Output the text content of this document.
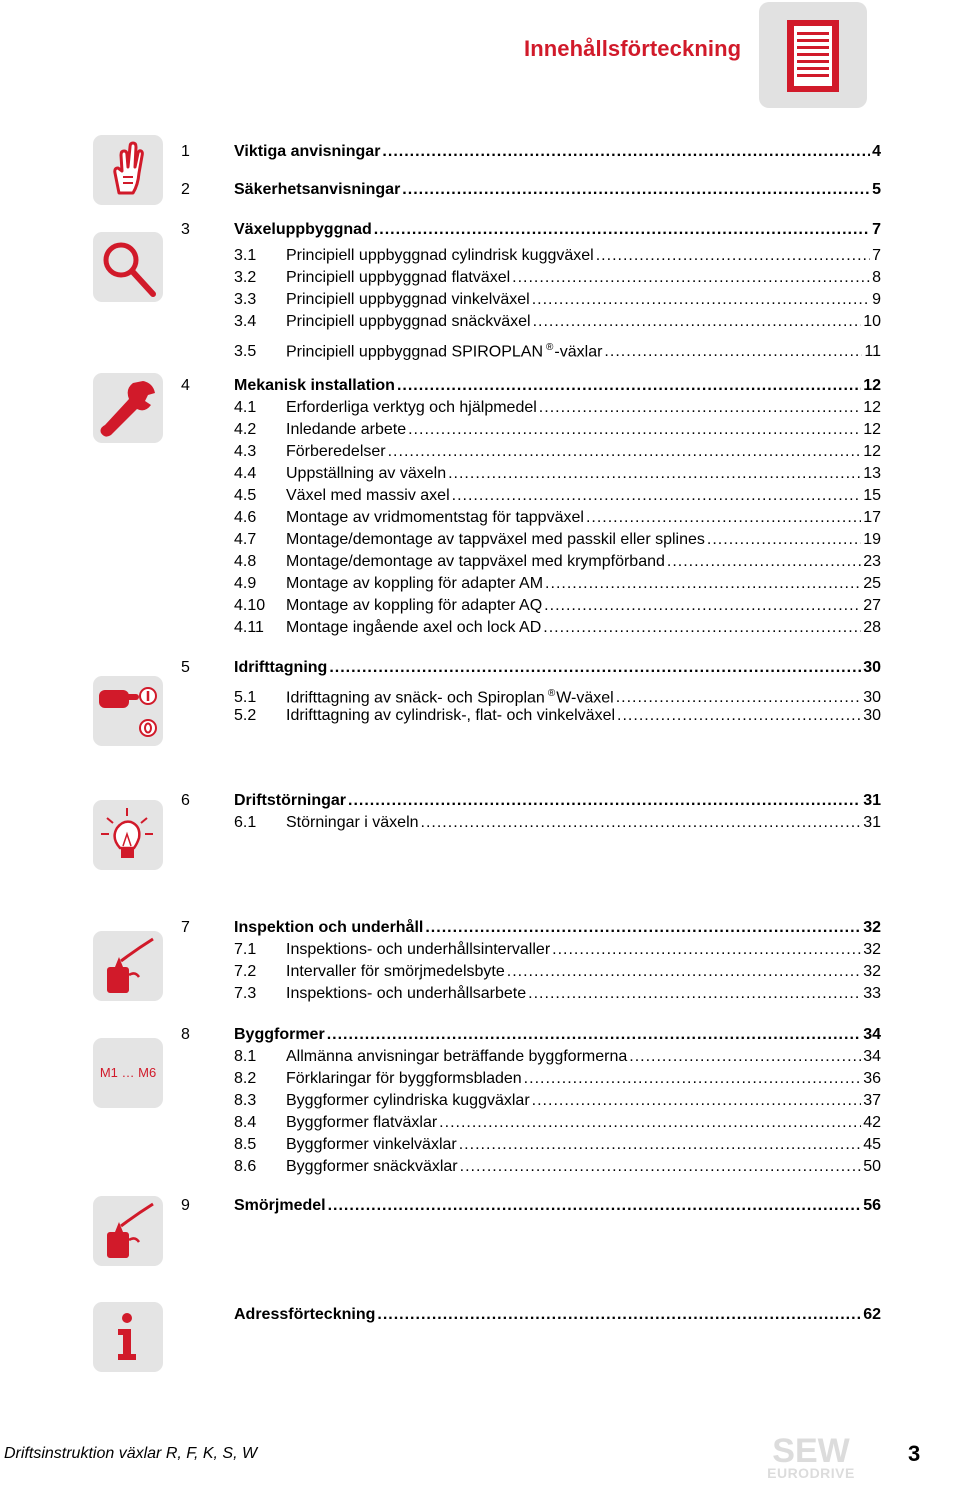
Innehållsförteckning
M1 … M6
1	Viktiga anvisningar .....	4
2	Säkerhetsanvisningar .....	5
3	Växeluppbyggnad .....	7
3.1	Principiell uppbyggnad cylindrisk kuggväxel .....	7
3.2	Principiell uppbyggnad flatväxel .....	8
3.3	Principiell uppbyggnad vinkelväxel .....	9
3.4	Principiell uppbyggnad snäckväxel .....	10
3.5	Principiell uppbyggnad SPIROPLAN ®-växlar .....	11
4	Mekanisk installation .....	12
4.1	Erforderliga verktyg och hjälpmedel .....	12
4.2	Inledande arbete .....	12
4.3	Förberedelser .....	12
4.4	Uppställning av växeln .....	13
4.5	Växel med massiv axel .....	15
4.6	Montage av vridmomentstag för tappväxel .....	17
4.7	Montage/demontage av tappväxel med passkil eller splines .....	19
4.8	Montage/demontage av tappväxel med krympförband .....	23
4.9	Montage av koppling för adapter AM .....	25
4.10	Montage av koppling för adapter AQ .....	27
4.11	Montage ingående axel och lock AD .....	28
5	Idrifttagning .....	30
5.1	Idrifttagning av snäck- och Spiroplan ®W-växel .....	30
5.2	Idrifttagning av cylindrisk-, flat- och vinkelväxel .....	30
6	Driftstörningar .....	31
6.1	Störningar i växeln .....	31
7	Inspektion och underhåll .....	32
7.1	Inspektions- och underhållsintervaller .....	32
7.2	Intervaller för smörjmedelsbyte .....	32
7.3	Inspektions- och underhållsarbete .....	33
8	Byggformer .....	34
8.1	Allmänna anvisningar beträffande byggformerna .....	34
8.2	Förklaringar för byggformsbladen .....	36
8.3	Byggformer cylindriska kuggväxlar .....	37
8.4	Byggformer flatväxlar .....	42
8.5	Byggformer vinkelväxlar .....	45
8.6	Byggformer snäckväxlar .....	50
9	Smörjmedel .....	56
Adressförteckning .....	62
Driftsinstruktion växlar R, F, K, S, W	SEW
EURODRIVE
3
